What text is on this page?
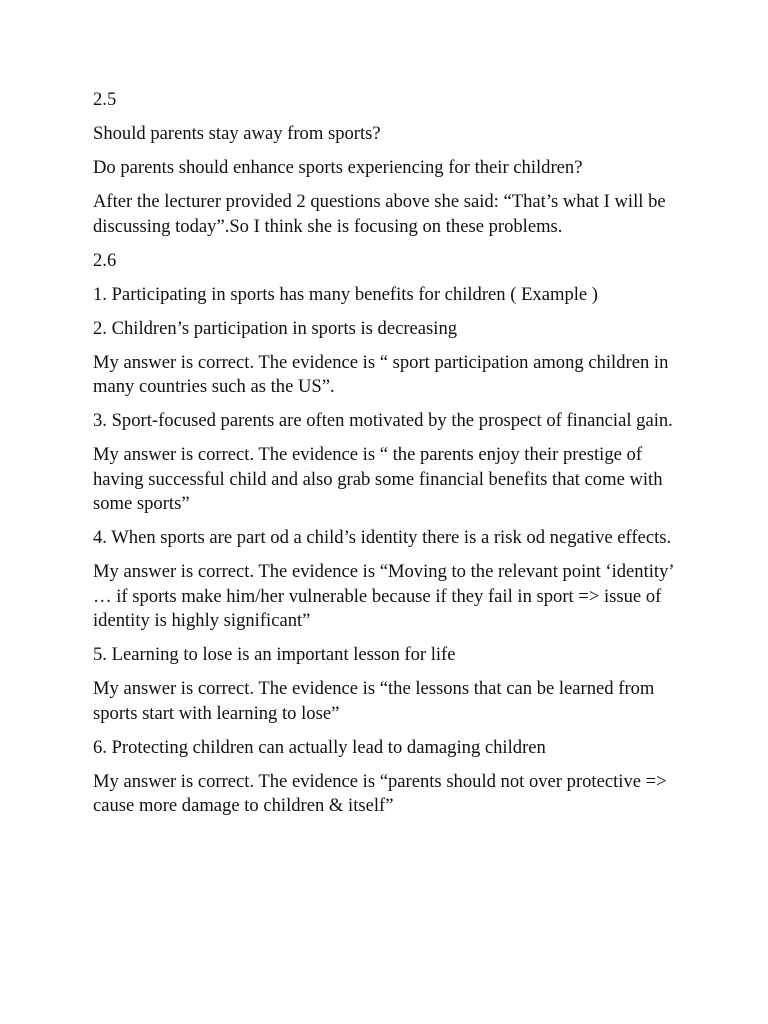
2.5

Should parents stay away from sports?

Do parents should enhance sports experiencing for their children?

After the lecturer provided 2 questions above she said: “That’s what I will be discussing today”.So I think she is focusing on these problems.

2.6

1. Participating in sports has many benefits for children ( Example )

2. Children’s participation in sports is decreasing

My answer is correct. The evidence is “ sport participation among children in many countries such as the US”.

3. Sport-focused parents are often motivated by the prospect of financial gain.

My answer is correct. The evidence is “ the parents enjoy their prestige of having successful child and also grab some financial benefits that come with some sports”

4. When sports are part od a child’s identity there is a risk od negative effects.

My answer is correct. The evidence is “Moving to the relevant point ‘identity’ … if sports make him/her vulnerable because if they fail in sport => issue of identity is highly significant”

5. Learning to lose is an important lesson for life

My answer is correct. The evidence is “the lessons that can be learned from sports start with learning to lose”

6. Protecting children can actually lead to damaging children

My answer is correct. The evidence is “parents should not over protective => cause more damage to children & itself”
